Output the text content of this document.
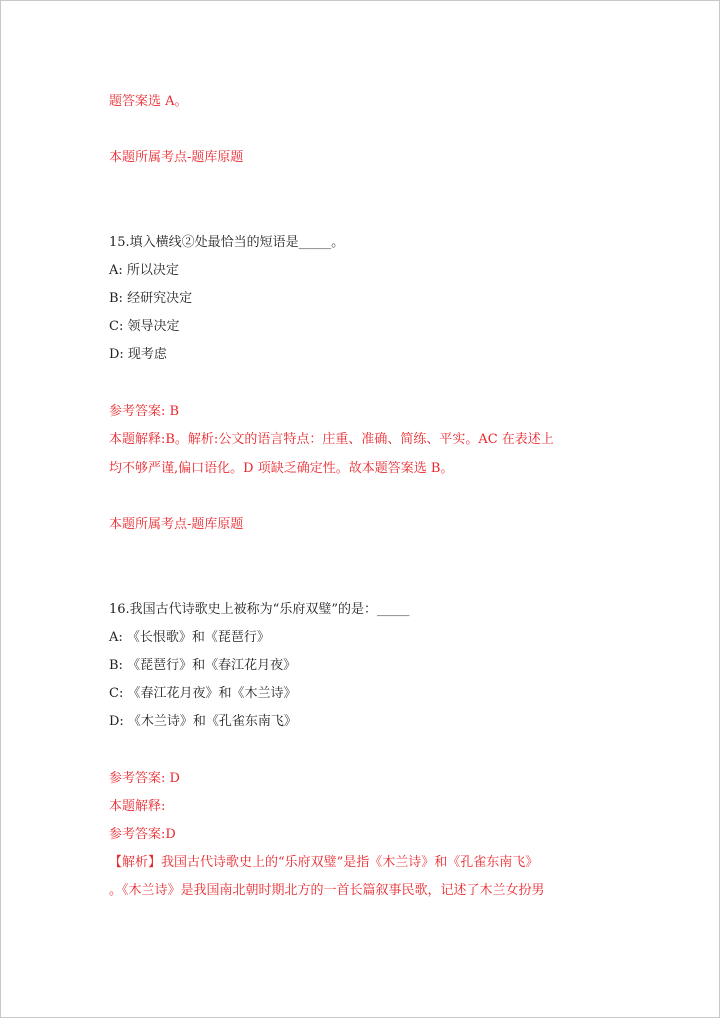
题答案选 A。
本题所属考点-题库原题
15.填入横线②处最恰当的短语是_____。
A: 所以决定
B: 经研究决定
C: 领导决定
D: 现考虑
参考答案: B
本题解释:B。解析:公文的语言特点：庄重、准确、简练、平实。AC 在表述上
均不够严谨,偏口语化。D 项缺乏确定性。故本题答案选 B。
本题所属考点-题库原题
16.我国古代诗歌史上被称为“乐府双璧”的是：_____
A: 《长恨歌》和《琵琶行》
B: 《琵琶行》和《春江花月夜》
C: 《春江花月夜》和《木兰诗》
D: 《木兰诗》和《孔雀东南飞》
参考答案: D
本题解释:
参考答案:D
【解析】我国古代诗歌史上的“乐府双璧”是指《木兰诗》和《孔雀东南飞》
。《木兰诗》是我国南北朝时期北方的一首长篇叙事民歌，记述了木兰女扮男
